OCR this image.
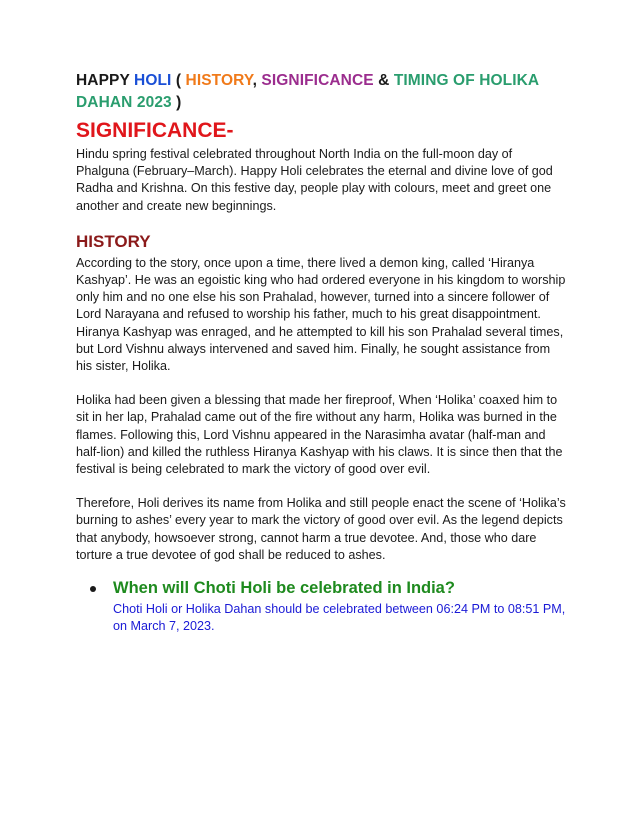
HAPPY HOLI ( HISTORY, SIGNIFICANCE & TIMING OF HOLIKA DAHAN 2023 )
SIGNIFICANCE-

Hindu spring festival celebrated throughout North India on the full-moon day of Phalguna (February–March). Happy Holi celebrates the eternal and divine love of god Radha and Krishna. On this festive day, people play with colours, meet and greet one another and create new beginnings.

HISTORY

According to the story, once upon a time, there lived a demon king, called ‘Hiranya Kashyap’. He was an egoistic king who had ordered everyone in his kingdom to worship only him and no one else his son Prahalad, however, turned into a sincere follower of Lord Narayana and refused to worship his father, much to his great disappointment. Hiranya Kashyap was enraged, and he attempted to kill his son Prahalad several times, but Lord Vishnu always intervened and saved him. Finally, he sought assistance from his sister, Holika.

Holika had been given a blessing that made her fireproof, When ‘Holika’ coaxed him to sit in her lap, Prahalad came out of the fire without any harm, Holika was burned in the flames. Following this, Lord Vishnu appeared in the Narasimha avatar (half-man and half-lion) and killed the ruthless Hiranya Kashyap with his claws. It is since then that the festival is being celebrated to mark the victory of good over evil.

Therefore, Holi derives its name from Holika and still people enact the scene of ‘Holika’s burning to ashes’ every year to mark the victory of good over evil. As the legend depicts that anybody, howsoever strong, cannot harm a true devotee. And, those who dare torture a true devotee of god shall be reduced to ashes.

When will Choti Holi be celebrated in India?

Choti Holi or Holika Dahan should be celebrated between 06:24 PM to 08:51 PM, on March 7, 2023.
